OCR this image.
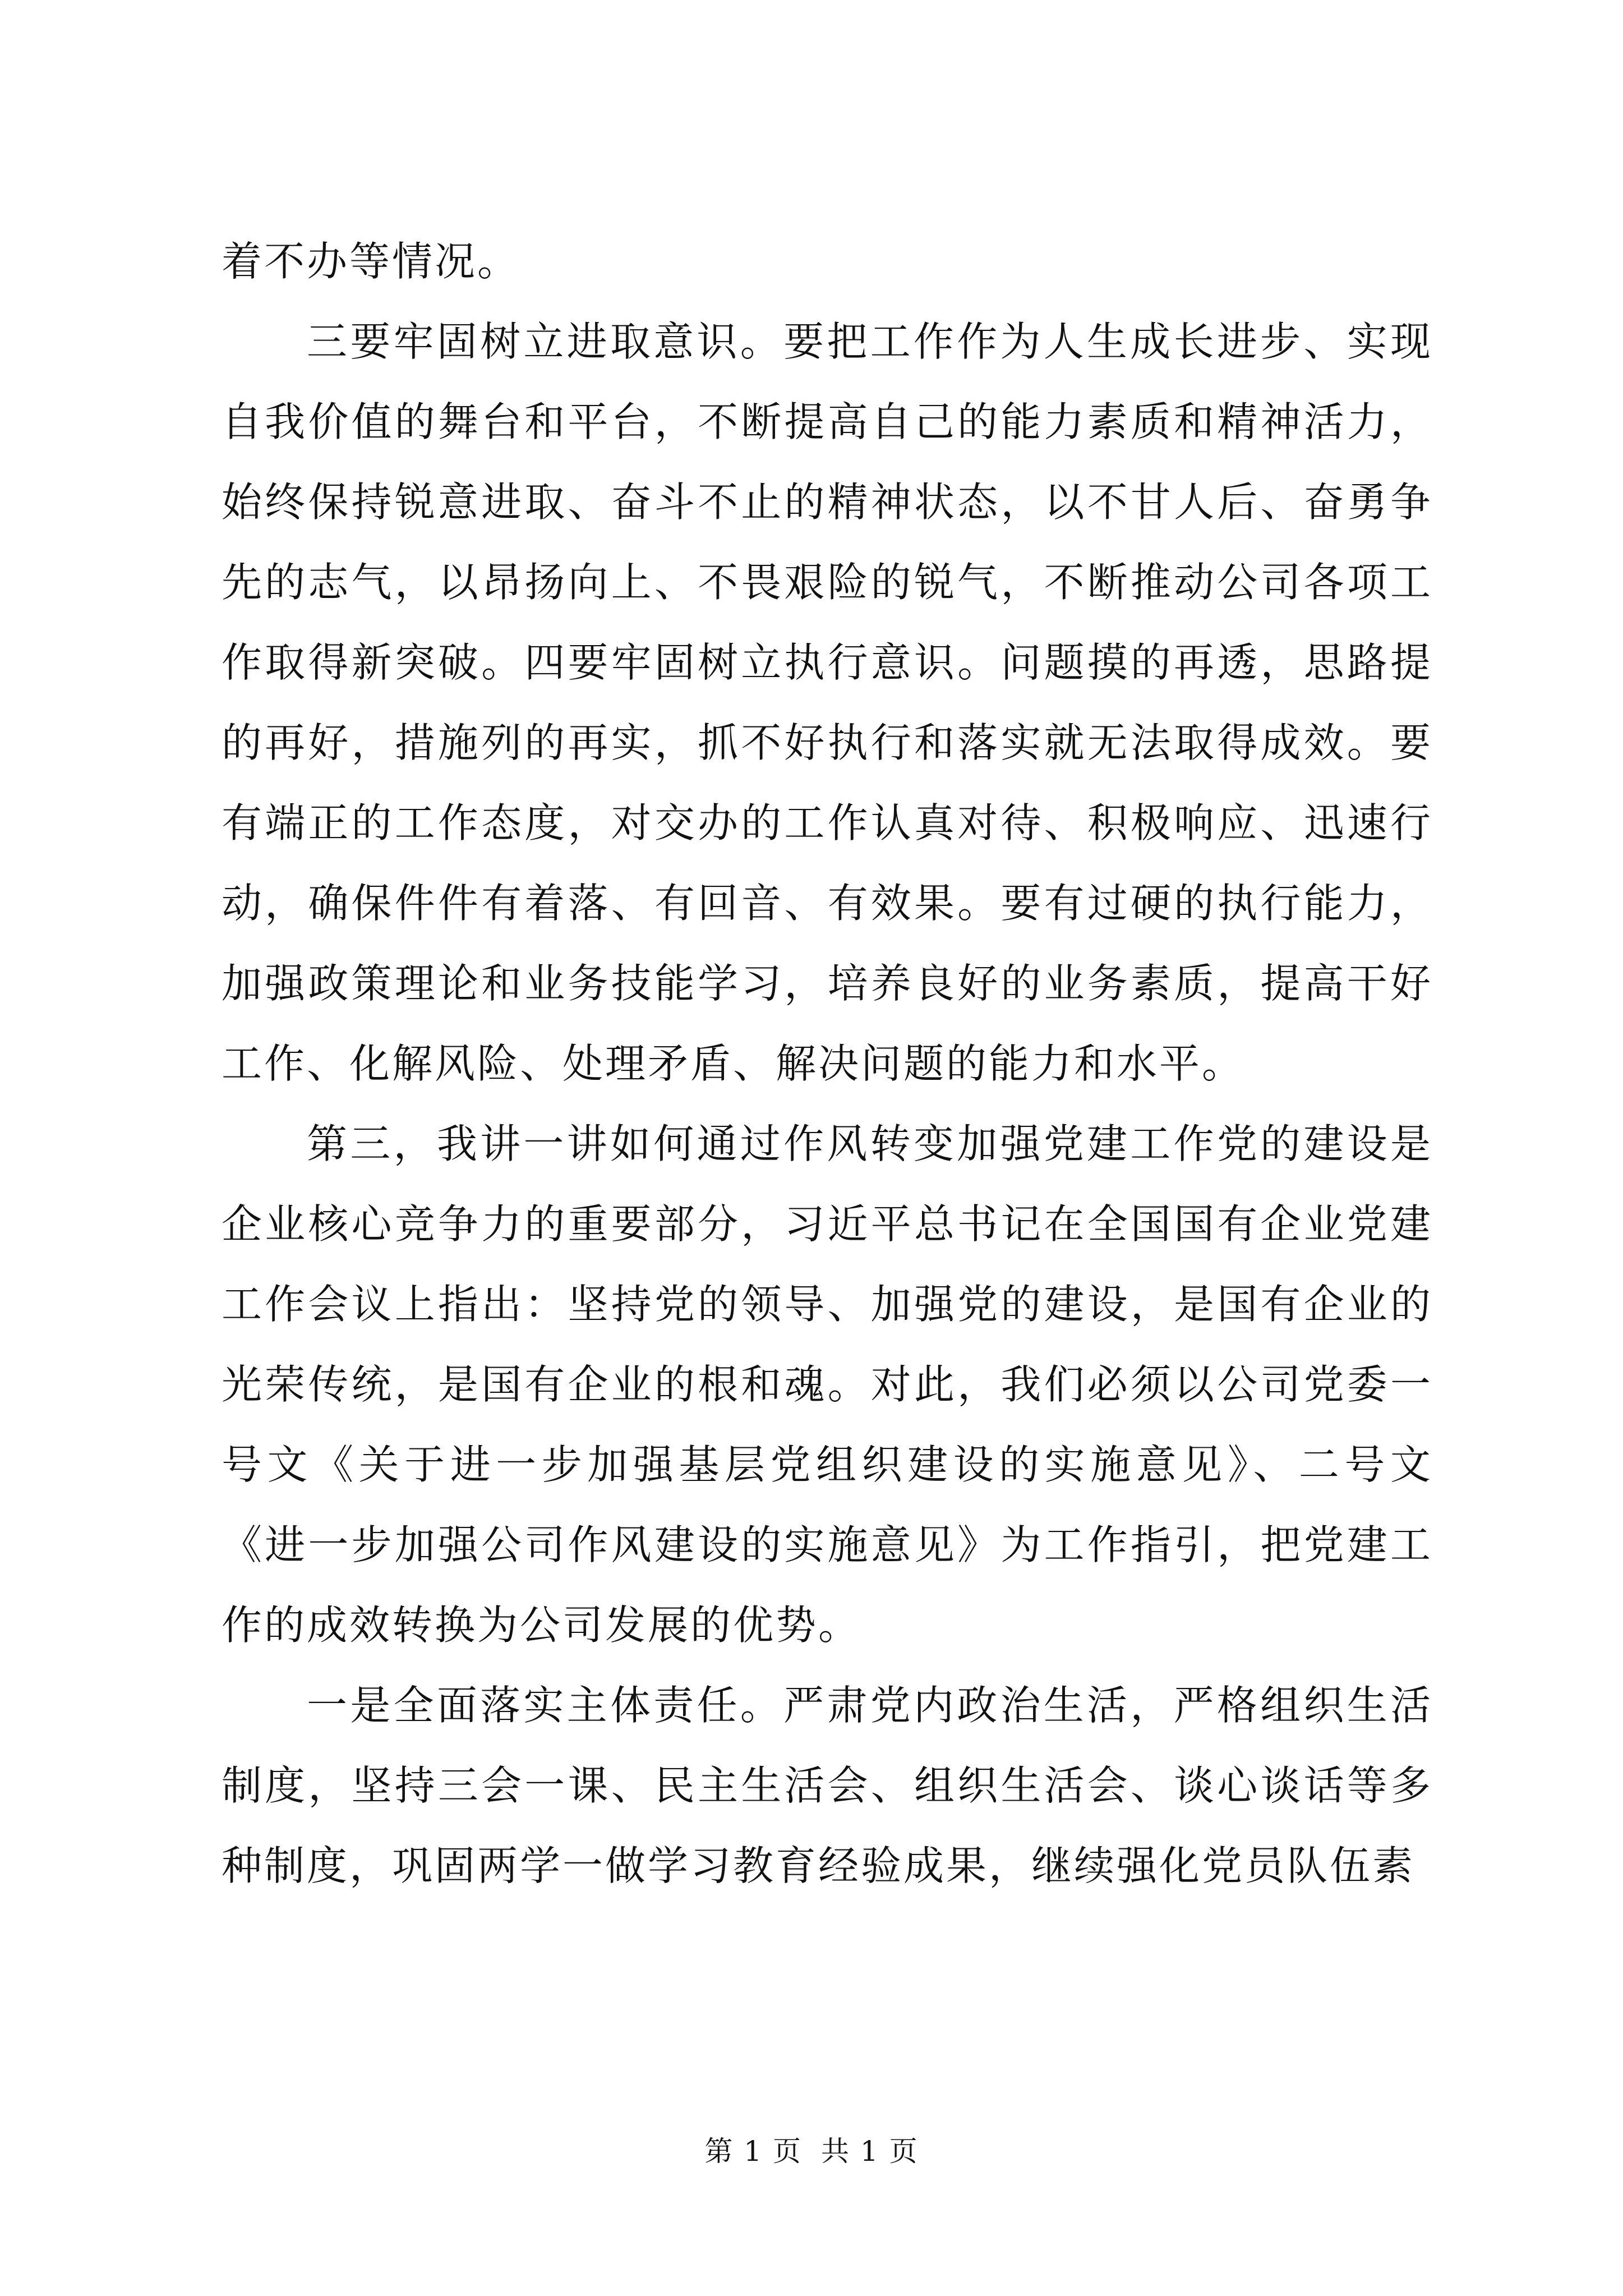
着不办等情况。

三要牢固树立进取意识。要把工作作为人生成长进步、实现自我价值的舞台和平台，不断提高自己的能力素质和精神活力，始终保持锐意进取、奋斗不止的精神状态，以不甘人后、奋勇争先的志气，以昂扬向上、不畏艰险的锐气，不断推动公司各项工作取得新突破。四要牢固树立执行意识。问题摸的再透，思路提的再好，措施列的再实，抓不好执行和落实就无法取得成效。要有端正的工作态度，对交办的工作认真对待、积极响应、迅速行动，确保件件有着落、有回音、有效果。要有过硬的执行能力，加强政策理论和业务技能学习，培养良好的业务素质，提高干好工作、化解风险、处理矛盾、解决问题的能力和水平。

第三，我讲一讲如何通过作风转变加强党建工作党的建设是企业核心竞争力的重要部分，习近平总书记在全国国有企业党建工作会议上指出：坚持党的领导、加强党的建设，是国有企业的光荣传统，是国有企业的根和魂。对此，我们必须以公司党委一号文《关于进一步加强基层党组织建设的实施意见》、二号文《进一步加强公司作风建设的实施意见》为工作指引，把党建工作的成效转换为公司发展的优势。

一是全面落实主体责任。严肃党内政治生活，严格组织生活制度，坚持三会一课、民主生活会、组织生活会、谈心谈话等多种制度，巩固两学一做学习教育经验成果，继续强化党员队伍素

第 1 页 共 1 页
